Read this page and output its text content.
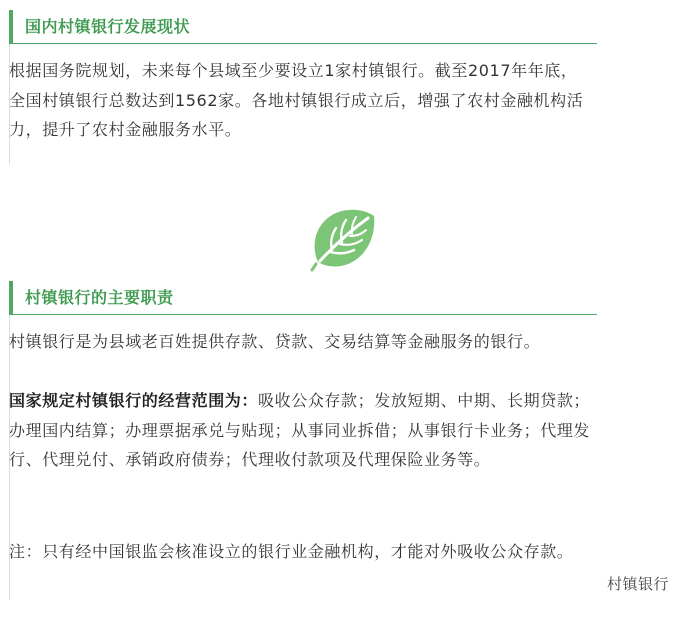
国内村镇银行发展现状
根据国务院规划，未来每个县域至少要设立1家村镇银行。截至2017年年底，全国村镇银行总数达到1562家。各地村镇银行成立后，增强了农村金融机构活力，提升了农村金融服务水平。
村镇银行的主要职责
村镇银行是为县域老百姓提供存款、贷款、交易结算等金融服务的银行。
国家规定村镇银行的经营范围为：吸收公众存款；发放短期、中期、长期贷款；办理国内结算；办理票据承兑与贴现；从事同业拆借；从事银行卡业务；代理发行、代理兑付、承销政府债券；代理收付款项及代理保险业务等。
注：只有经中国银监会核准设立的银行业金融机构，才能对外吸收公众存款。
村镇银行
